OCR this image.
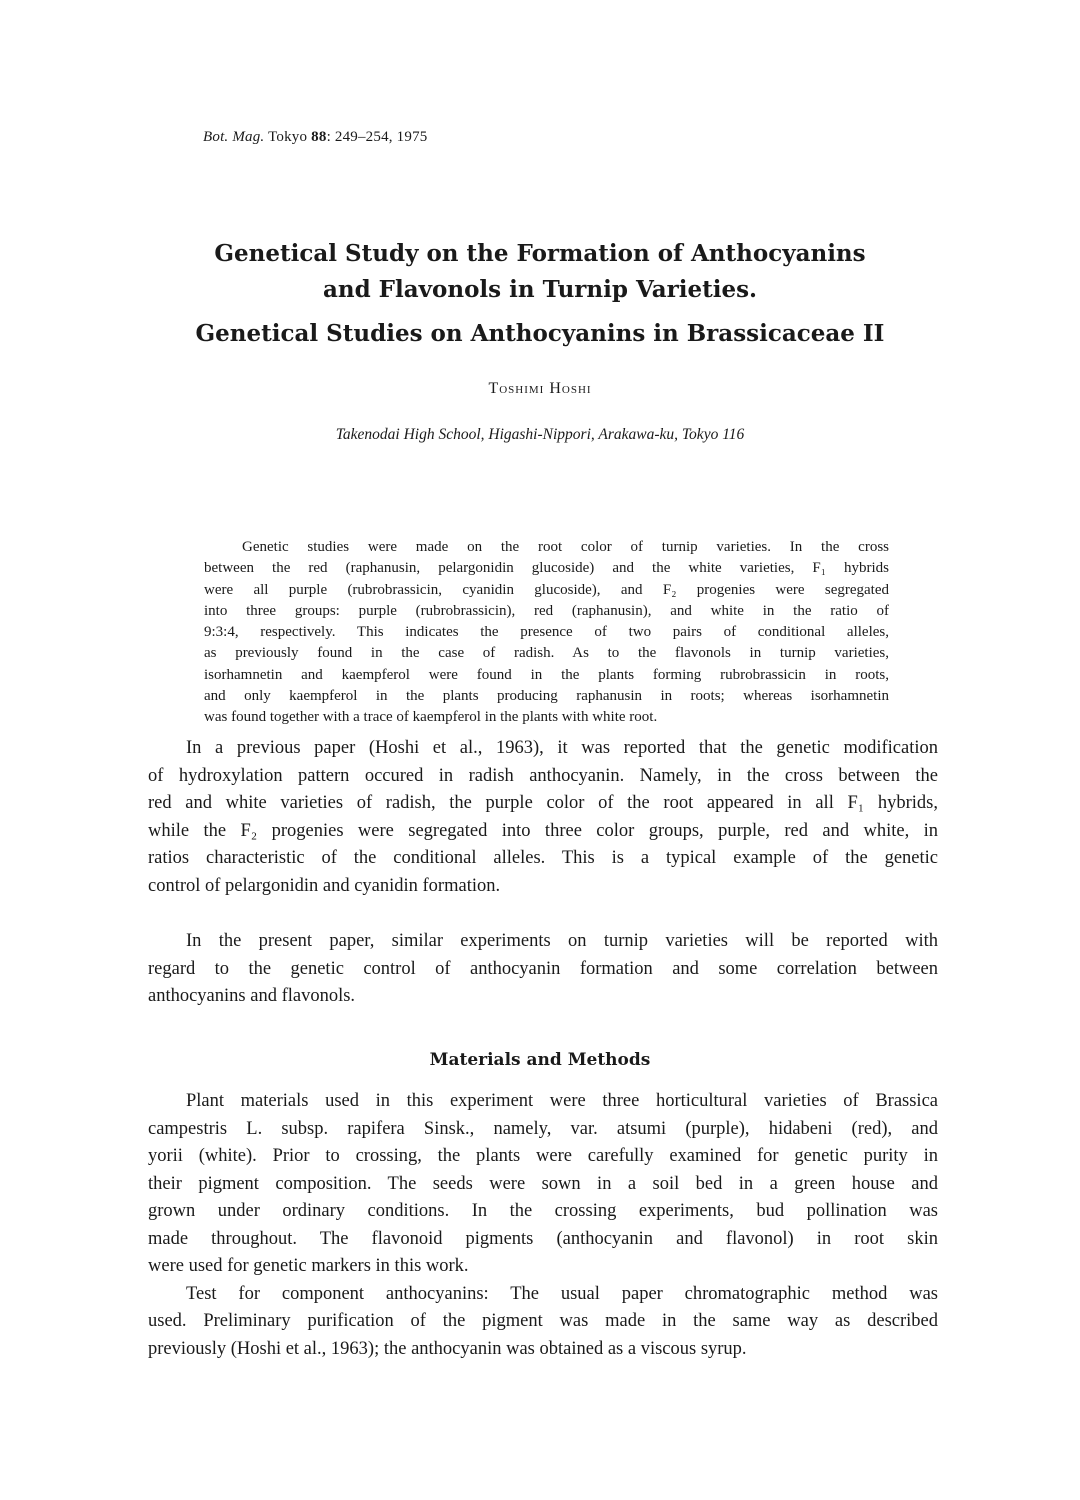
Bot. Mag. Tokyo 88: 249–254, 1975
Genetical Study on the Formation of Anthocyanins
and Flavonols in Turnip Varieties.
Genetical Studies on Anthocyanins in Brassicaceae II
Toshimi Hoshi
Takenodai High School, Higashi-Nippori, Arakawa-ku, Tokyo 116
Genetic studies were made on the root color of turnip varieties. In the cross
between the red (raphanusin, pelargonidin glucoside) and the white varieties, F₁ hybrids
were all purple (rubrobrassicin, cyanidin glucoside), and F₂ progenies were segregated
into three groups: purple (rubrobrassicin), red (raphanusin), and white in the ratio of
9:3:4, respectively. This indicates the presence of two pairs of conditional alleles,
as previously found in the case of radish. As to the flavonols in turnip varieties,
isorhamnetin and kaempferol were found in the plants forming rubrobrassicin in roots,
and only kaempferol in the plants producing raphanusin in roots; whereas isorhamnetin
was found together with a trace of kaempferol in the plants with white root.
In a previous paper (Hoshi et al., 1963), it was reported that the genetic modification
of hydroxylation pattern occured in radish anthocyanin. Namely, in the cross between the
red and white varieties of radish, the purple color of the root appeared in all F₁ hybrids,
while the F₂ progenies were segregated into three color groups, purple, red and white, in
ratios characteristic of the conditional alleles. This is a typical example of the genetic
control of pelargonidin and cyanidin formation.
In the present paper, similar experiments on turnip varieties will be reported with
regard to the genetic control of anthocyanin formation and some correlation between
anthocyanins and flavonols.
Materials and Methods
Plant materials used in this experiment were three horticultural varieties of Brassica
campestris L. subsp. rapifera Sinsk., namely, var. atsumi (purple), hidabeni (red), and
yorii (white). Prior to crossing, the plants were carefully examined for genetic purity in
their pigment composition. The seeds were sown in a soil bed in a green house and
grown under ordinary conditions. In the crossing experiments, bud pollination was
made throughout. The flavonoid pigments (anthocyanin and flavonol) in root skin
were used for genetic markers in this work.
Test for component anthocyanins: The usual paper chromatographic method was
used. Preliminary purification of the pigment was made in the same way as described
previously (Hoshi et al., 1963); the anthocyanin was obtained as a viscous syrup.
